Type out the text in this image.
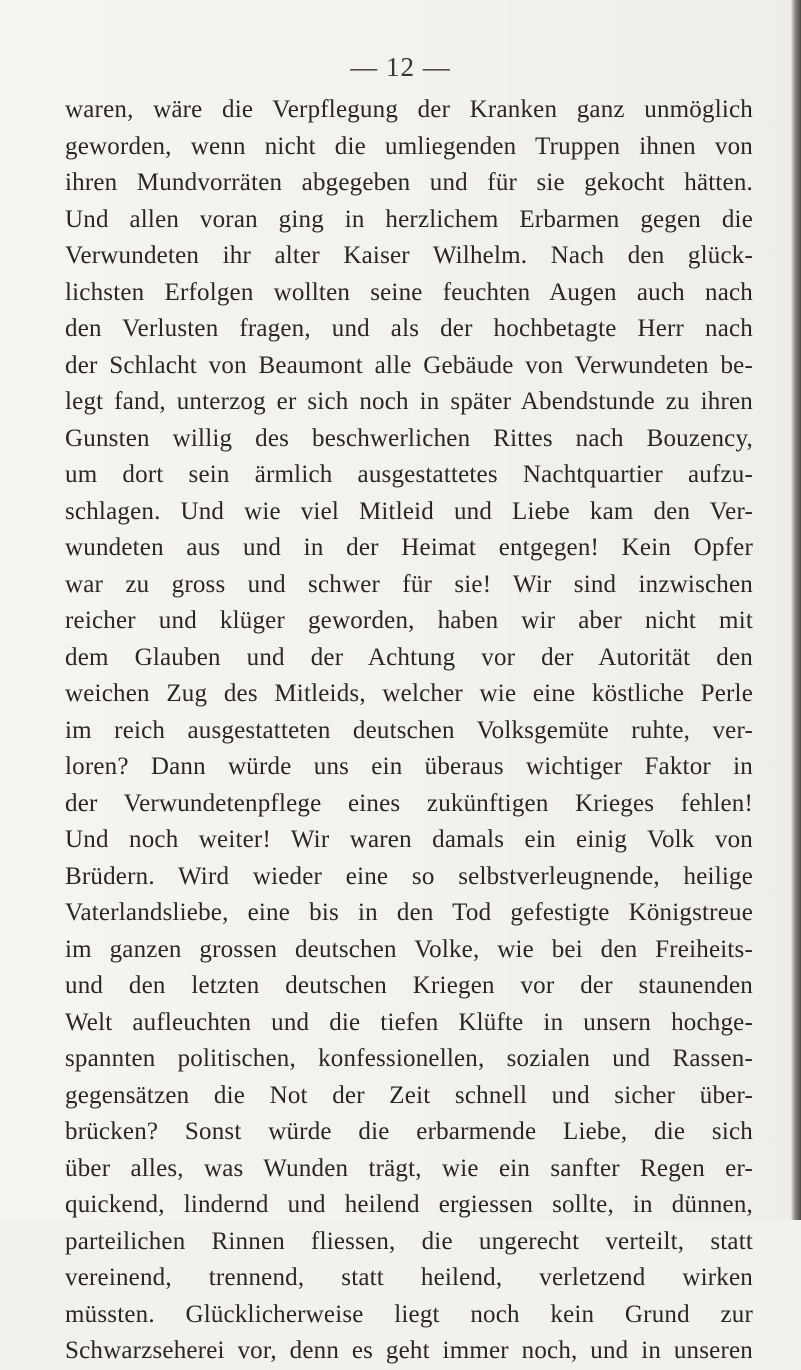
— 12 —
waren, wäre die Verpflegung der Kranken ganz unmöglich
geworden, wenn nicht die umliegenden Truppen ihnen von
ihren Mundvorräten abgegeben und für sie gekocht hätten.
Und allen voran ging in herzlichem Erbarmen gegen die
Verwundeten ihr alter Kaiser Wilhelm. Nach den glück-
lichsten Erfolgen wollten seine feuchten Augen auch nach
den Verlusten fragen, und als der hochbetagte Herr nach
der Schlacht von Beaumont alle Gebäude von Verwundeten be-
legt fand, unterzog er sich noch in später Abendstunde zu ihren
Gunsten willig des beschwerlichen Rittes nach Bouzency,
um dort sein ärmlich ausgestattetes Nachtquartier aufzu-
schlagen. Und wie viel Mitleid und Liebe kam den Ver-
wundeten aus und in der Heimat entgegen! Kein Opfer
war zu gross und schwer für sie! Wir sind inzwischen
reicher und klüger geworden, haben wir aber nicht mit
dem Glauben und der Achtung vor der Autorität den
weichen Zug des Mitleids, welcher wie eine köstliche Perle
im reich ausgestatteten deutschen Volksgemüte ruhte, ver-
loren? Dann würde uns ein überaus wichtiger Faktor in
der Verwundetenpflege eines zukünftigen Krieges fehlen!
Und noch weiter! Wir waren damals ein einig Volk von
Brüdern. Wird wieder eine so selbstverleugnende, heilige
Vaterlandsliebe, eine bis in den Tod gefestigte Königstreue
im ganzen grossen deutschen Volke, wie bei den Freiheits-
und den letzten deutschen Kriegen vor der staunenden
Welt aufleuchten und die tiefen Klüfte in unsern hochge-
spannten politischen, konfessionellen, sozialen und Rassen-
gegensätzen die Not der Zeit schnell und sicher über-
brücken? Sonst würde die erbarmende Liebe, die sich
über alles, was Wunden trägt, wie ein sanfter Regen er-
quickend, lindernd und heilend ergiessen sollte, in dünnen,
parteilichen Rinnen fliessen, die ungerecht verteilt, statt
vereinend, trennend, statt heilend, verletzend wirken
müssten. Glücklicherweise liegt noch kein Grund zur
Schwarzseherei vor, denn es geht immer noch, und in unseren
